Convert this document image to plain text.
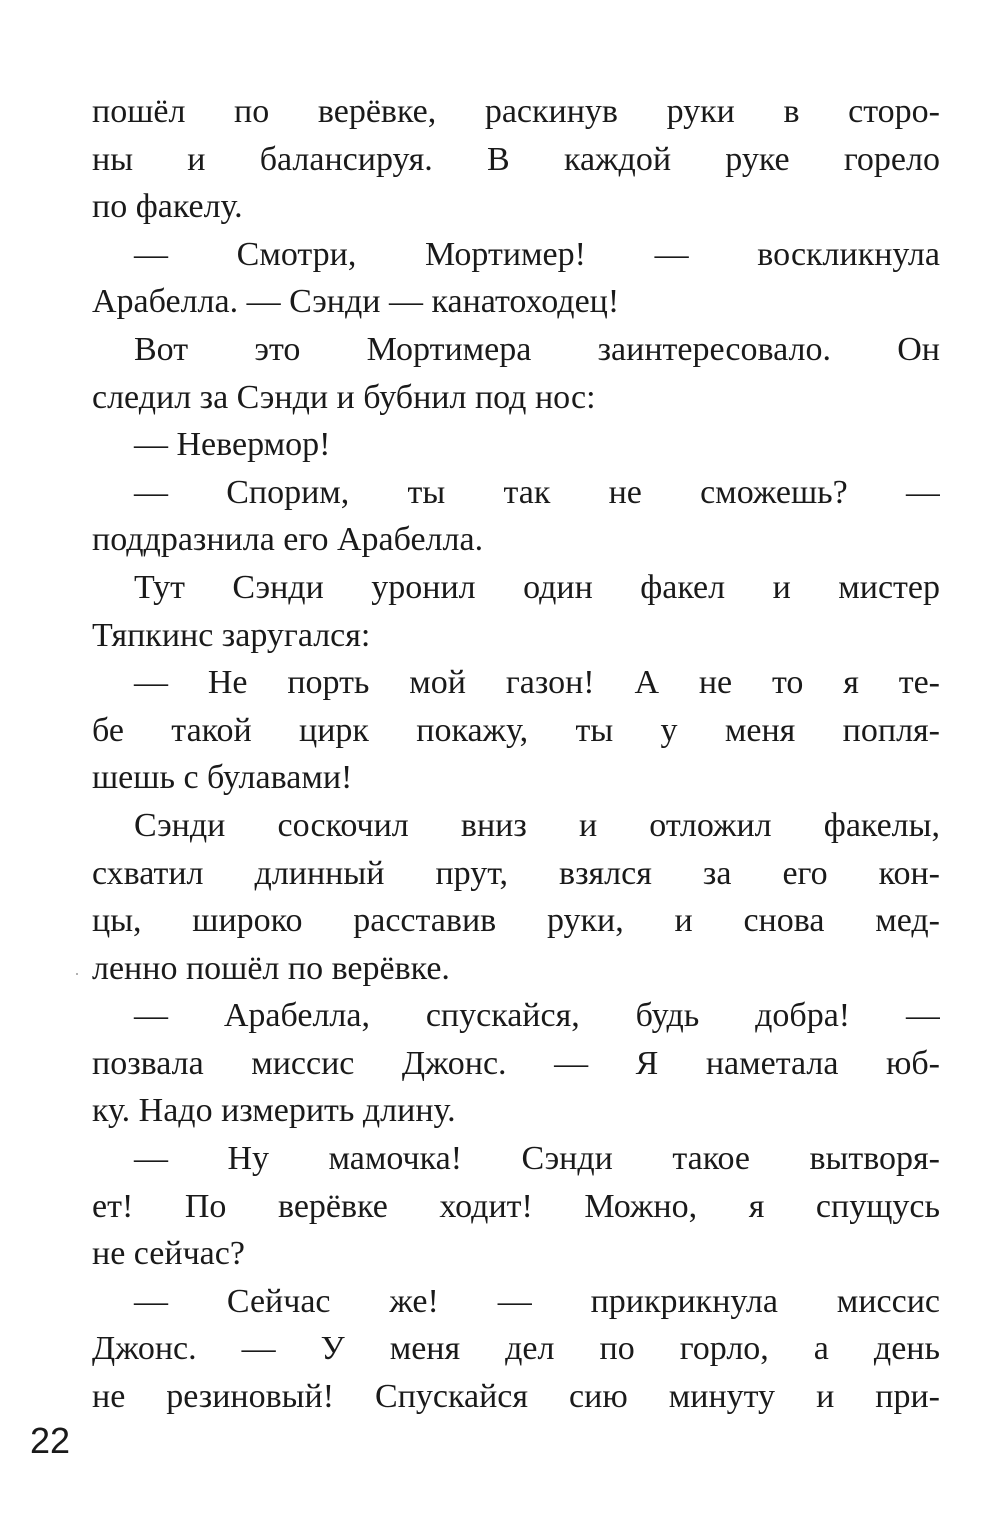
пошёл по верёвке, раскинув руки в сторо-
ны и балансируя. В каждой руке горело
по факелу.
— Смотри, Мортимер! — воскликнула
Арабелла. — Сэнди — канатоходец!
Вот это Мортимера заинтересовало. Он
следил за Сэнди и бубнил под нос:
— Невермор!
— Спорим, ты так не сможешь? —
поддразнила его Арабелла.
Тут Сэнди уронил один факел и мистер
Тяпкинс заругался:
— Не порть мой газон! А не то я те-
бе такой цирк покажу, ты у меня попля-
шешь с булавами!
Сэнди соскочил вниз и отложил факелы,
схватил длинный прут, взялся за его кон-
цы, широко расставив руки, и снова мед-
ленно пошёл по верёвке.
— Арабелла, спускайся, будь добра! —
позвала миссис Джонс. — Я наметала юб-
ку. Надо измерить длину.
— Ну мамочка! Сэнди такое вытворя-
ет! По верёвке ходит! Можно, я спущусь
не сейчас?
— Сейчас же! — прикрикнула миссис
Джонс. — У меня дел по горло, а день
не резиновый! Спускайся сию минуту и при-
22
